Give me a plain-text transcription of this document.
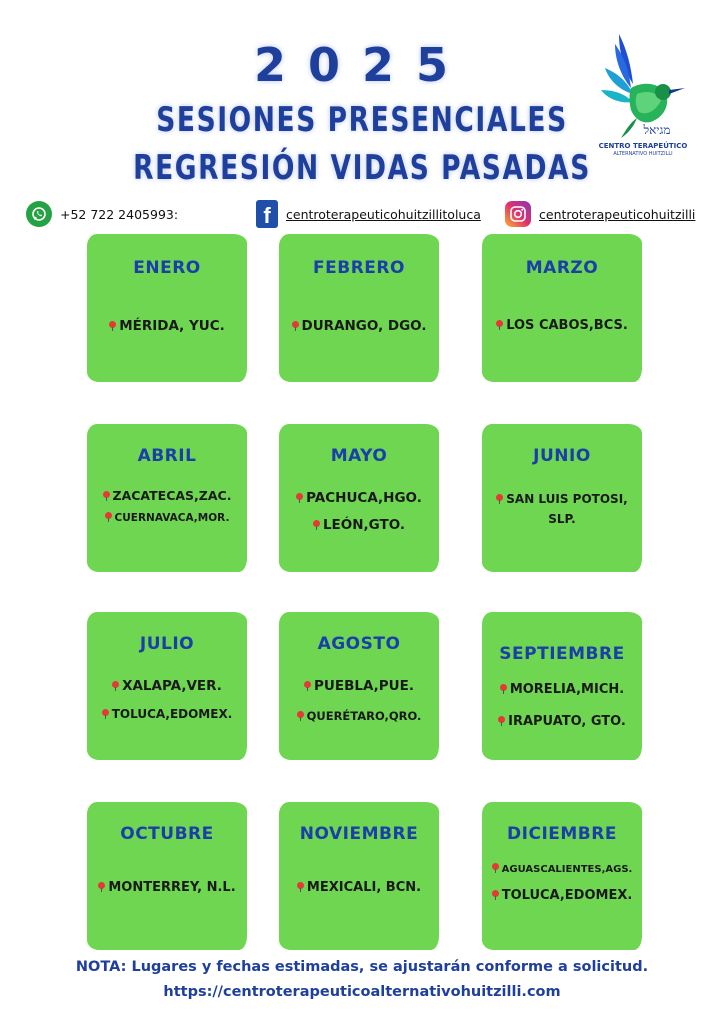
2025
SESIONES PRESENCIALES
REGRESIÓN VIDAS PASADAS
מגיאל
CENTRO TERAPEÚTICO
ALTERNATIVO HUITZILLI
+52 722 2405993:	f centroterapeuticohuitzillitoluca	centroterapeuticohuitzilli
ENERO
MÉRIDA, YUC.
FEBRERO
DURANGO, DGO.
MARZO
LOS CABOS,BCS.
ABRIL
ZACATECAS,ZAC.
CUERNAVACA,MOR.
MAYO
PACHUCA,HGO.
LEÓN,GTO.
JUNIO
SAN LUIS POTOSI,
SLP.
JULIO
XALAPA,VER.
TOLUCA,EDOMEX.
AGOSTO
PUEBLA,PUE.
QUERÉTARO,QRO.
SEPTIEMBRE
MORELIA,MICH.
IRAPUATO, GTO.
OCTUBRE
MONTERREY, N.L.
NOVIEMBRE
MEXICALI, BCN.
DICIEMBRE
AGUASCALIENTES,AGS.
TOLUCA,EDOMEX.
NOTA: Lugares y fechas estimadas, se ajustarán conforme a solicitud.
https://centroterapeuticoalternativohuitzilli.com
